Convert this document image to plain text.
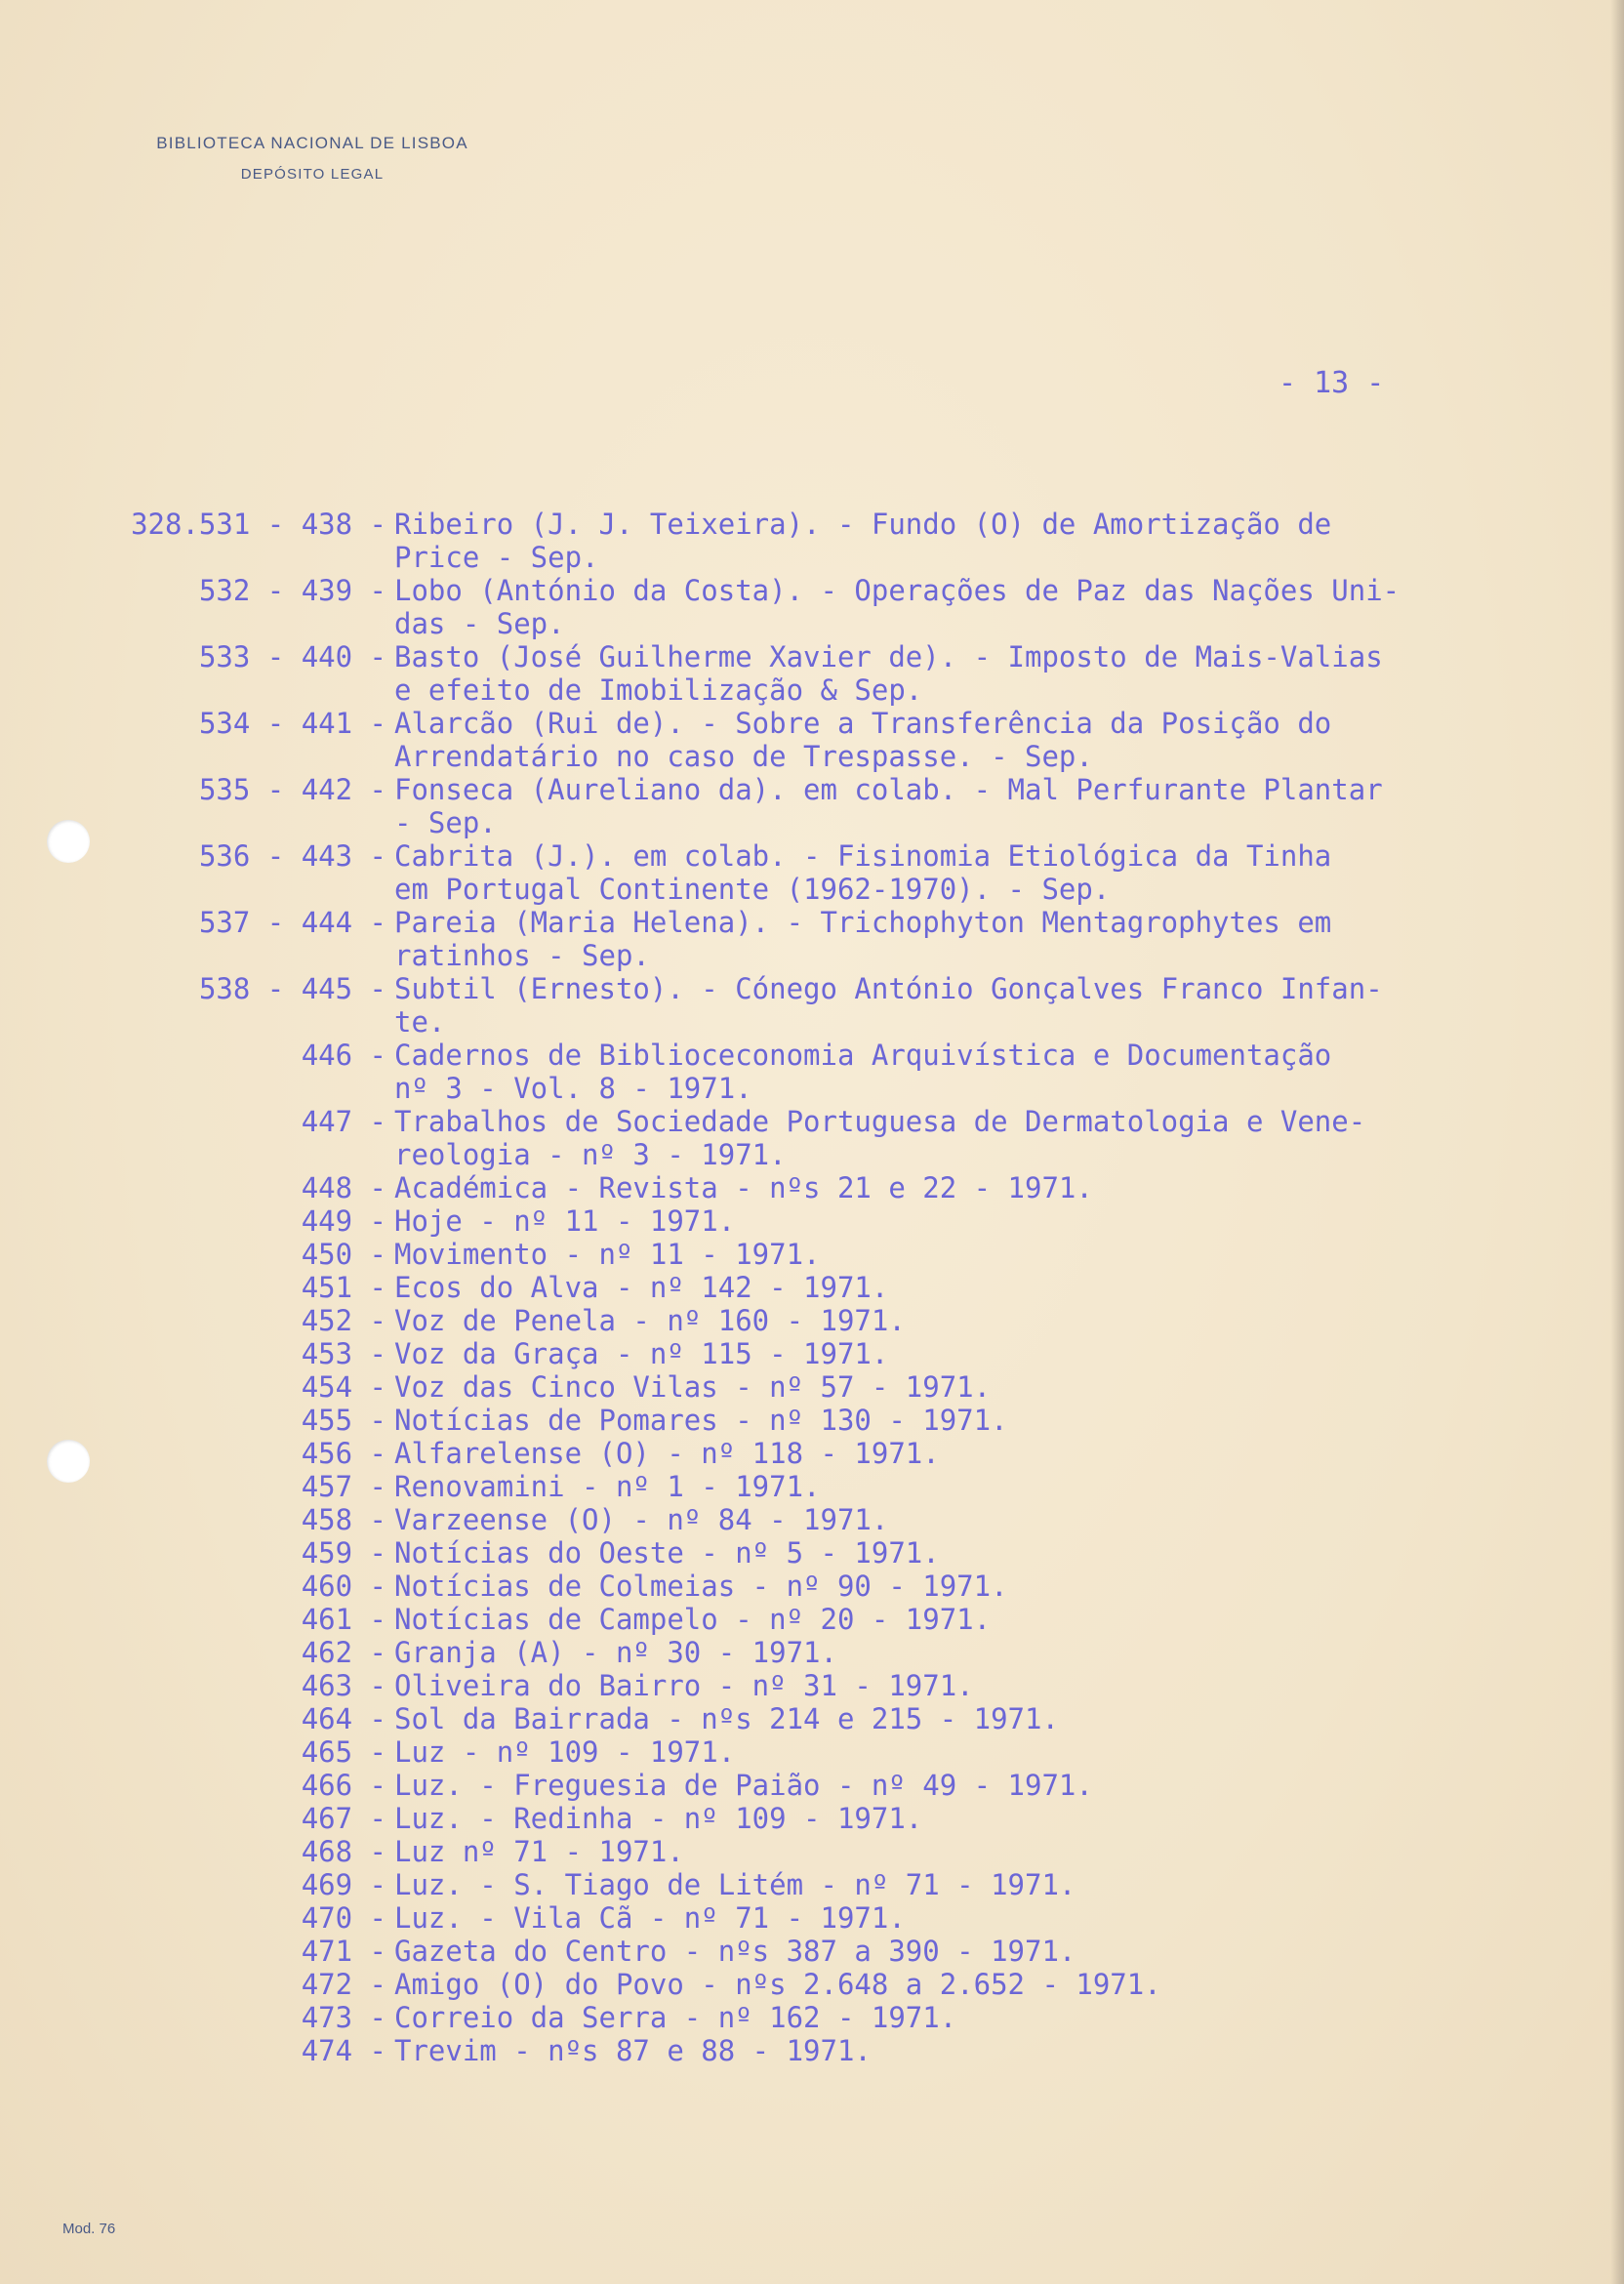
BIBLIOTECA NACIONAL DE LISBOA
DEPÓSITO LEGAL
- 13 -
328.531 - 438 - Ribeiro (J. J. Teixeira). - Fundo (O) de Amortização de
Price - Sep.
532 - 439 - Lobo (António da Costa). - Operações de Paz das Nações Uni-
das - Sep.
533 - 440 - Basto (José Guilherme Xavier de). - Imposto de Mais-Valias
e efeito de Imobilização & Sep.
534 - 441 - Alarcão (Rui de). - Sobre a Transferência da Posição do
Arrendatário no caso de Trespasse. - Sep.
535 - 442 - Fonseca (Aureliano da). em colab. - Mal Perfurante Plantar
- Sep.
536 - 443 - Cabrita (J.). em colab. - Fisinomia Etiológica da Tinha
em Portugal Continente (1962-1970). - Sep.
537 - 444 - Pareia (Maria Helena). - Trichophyton Mentagrophytes em
ratinhos - Sep.
538 - 445 - Subtil (Ernesto). - Cónego António Gonçalves Franco Infan-
te.
446 - Cadernos de Biblioceconomia Arquivística e Documentação
nº 3 - Vol. 8 - 1971.
447 - Trabalhos de Sociedade Portuguesa de Dermatologia e Vene-
reologia - nº 3 - 1971.
448 - Académica - Revista - nºs 21 e 22 - 1971.
449 - Hoje - nº 11 - 1971.
450 - Movimento - nº 11 - 1971.
451 - Ecos do Alva - nº 142 - 1971.
452 - Voz de Penela - nº 160 - 1971.
453 - Voz da Graça - nº 115 - 1971.
454 - Voz das Cinco Vilas - nº 57 - 1971.
455 - Notícias de Pomares - nº 130 - 1971.
456 - Alfarelense (O) - nº 118 - 1971.
457 - Renovamini - nº 1 - 1971.
458 - Varzeense (O) - nº 84 - 1971.
459 - Notícias do Oeste - nº 5 - 1971.
460 - Notícias de Colmeias - nº 90 - 1971.
461 - Notícias de Campelo - nº 20 - 1971.
462 - Granja (A) - nº 30 - 1971.
463 - Oliveira do Bairro - nº 31 - 1971.
464 - Sol da Bairrada - nºs 214 e 215 - 1971.
465 - Luz - nº 109 - 1971.
466 - Luz. - Freguesia de Paião - nº 49 - 1971.
467 - Luz. - Redinha - nº 109 - 1971.
468 - Luz nº 71 - 1971.
469 - Luz. - S. Tiago de Litém - nº 71 - 1971.
470 - Luz. - Vila Cã - nº 71 - 1971.
471 - Gazeta do Centro - nºs 387 a 390 - 1971.
472 - Amigo (O) do Povo - nºs 2.648 a 2.652 - 1971.
473 - Correio da Serra - nº 162 - 1971.
474 - Trevim - nºs 87 e 88 - 1971.
Mod. 76
